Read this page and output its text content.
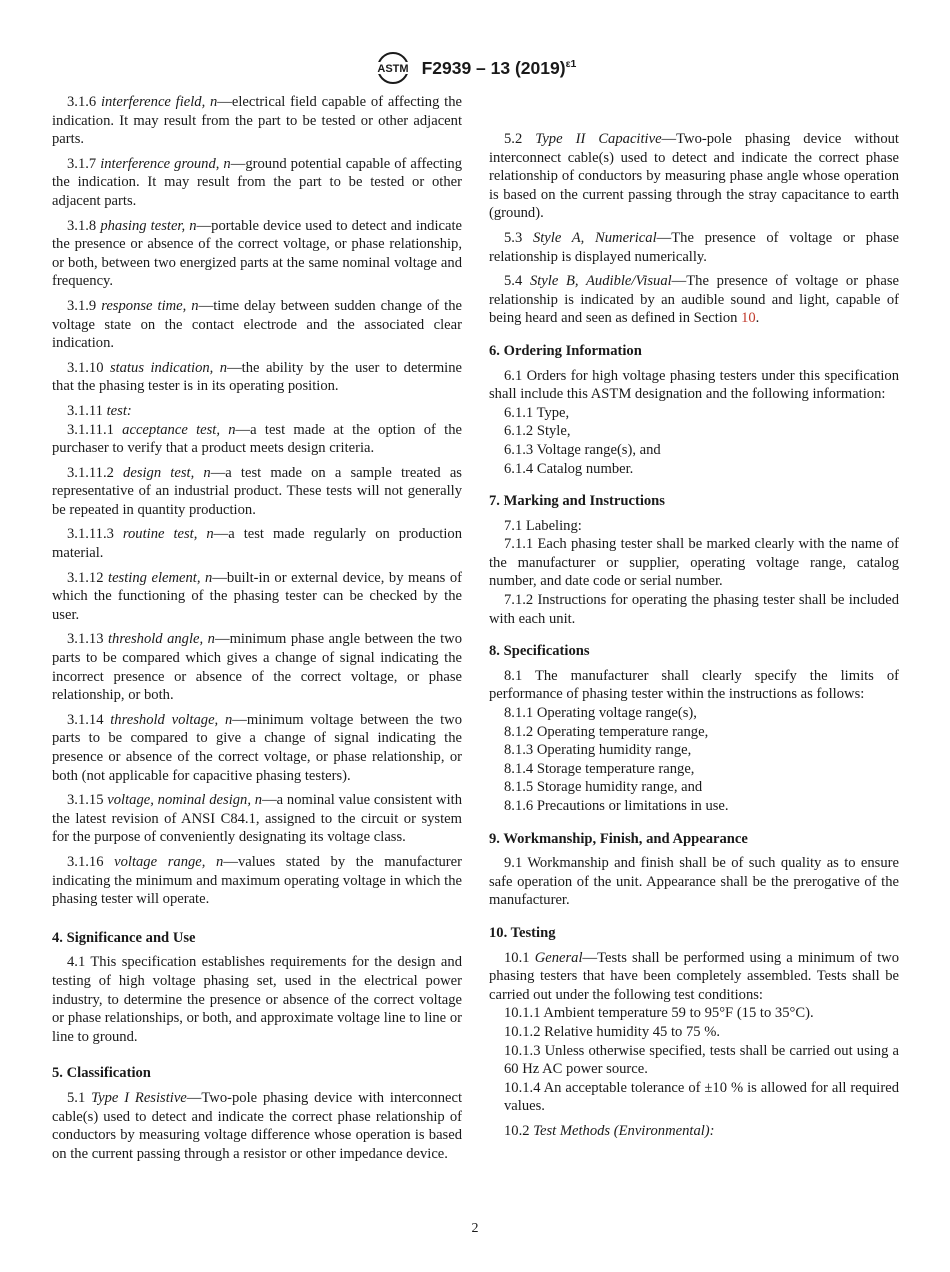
ASTM F2939 – 13 $(2019)^{\varepsilon 1}$

3.1.6 interference field, n—electrical field capable of affecting the indication. It may result from the part to be tested or other adjacent parts.

3.1.7 interference ground, n—ground potential capable of affecting the indication. It may result from the part to be tested or other adjacent parts.

3.1.8 phasing tester, n—portable device used to detect and indicate the presence or absence of the correct voltage, or phase relationship, or both, between two energized parts at the same nominal voltage and frequency.

3.1.9 response time, n—time delay between sudden change of the voltage state on the contact electrode and the associated clear indication.

3.1.10 status indication, n—the ability by the user to determine that the phasing tester is in its operating position.

3.1.11 test:

3.1.11.1 acceptance test, n—a test made at the option of the purchaser to verify that a product meets design criteria.

3.1.11.2 design test, n—a test made on a sample treated as representative of an industrial product. These tests will not generally be repeated in quantity production.

3.1.11.3 routine test, n—a test made regularly on production material.

3.1.12 testing element, n—built-in or external device, by means of which the functioning of the phasing tester can be checked by the user.

3.1.13 threshold angle, n—minimum phase angle between the two parts to be compared which gives a change of signal indicating the incorrect presence or absence of the correct voltage, or phase relationship, or both.

3.1.14 threshold voltage, n—minimum voltage between the two parts to be compared to give a change of signal indicating the presence or absence of the correct voltage, or phase relationship, or both (not applicable for capacitive phasing testers).

3.1.15 voltage, nominal design, n—a nominal value consistent with the latest revision of ANSI C84.1, assigned to the circuit or system for the purpose of conveniently designating its voltage class.

3.1.16 voltage range, n—values stated by the manufacturer indicating the minimum and maximum operating voltage in which the phasing tester will operate.

4. Significance and Use

4.1 This specification establishes requirements for the design and testing of high voltage phasing set, used in the electrical power industry, to determine the presence or absence of the correct voltage or phase relationships, or both, and approximate voltage line to line or line to ground.

5. Classification

5.1 Type I Resistive—Two-pole phasing device with interconnect cable(s) used to detect and indicate the correct phase relationship of conductors by measuring voltage difference whose operation is based on the current passing through a resistor or other impedance device.

5.2 Type II Capacitive—Two-pole phasing device without interconnect cable(s) used to detect and indicate the correct phase relationship of conductors by measuring phase angle whose operation is based on the current passing through the stray capacitance to earth (ground).

5.3 Style A, Numerical—The presence of voltage or phase relationship is displayed numerically.

5.4 Style B, Audible/Visual—The presence of voltage or phase relationship is indicated by an audible sound and light, capable of being heard and seen as defined in Section 10.

6. Ordering Information

6.1 Orders for high voltage phasing testers under this specification shall include this ASTM designation and the following information:

6.1.1 Type,

6.1.2 Style,

6.1.3 Voltage range(s), and

6.1.4 Catalog number.

7. Marking and Instructions

7.1 Labeling:

7.1.1 Each phasing tester shall be marked clearly with the name of the manufacturer or supplier, operating voltage range, catalog number, and date code or serial number.

7.1.2 Instructions for operating the phasing tester shall be included with each unit.

8. Specifications

8.1 The manufacturer shall clearly specify the limits of performance of phasing tester within the instructions as follows:

8.1.1 Operating voltage range(s),

8.1.2 Operating temperature range,

8.1.3 Operating humidity range,

8.1.4 Storage temperature range,

8.1.5 Storage humidity range, and

8.1.6 Precautions or limitations in use.

9. Workmanship, Finish, and Appearance

9.1 Workmanship and finish shall be of such quality as to ensure safe operation of the unit. Appearance shall be the prerogative of the manufacturer.

10. Testing

10.1 General—Tests shall be performed using a minimum of two phasing testers that have been completely assembled. Tests shall be carried out under the following test conditions:

10.1.1 Ambient temperature 59 to 95°F (15 to 35°C).

10.1.2 Relative humidity 45 to 75 %.

10.1.3 Unless otherwise specified, tests shall be carried out using a 60 Hz AC power source.

10.1.4 An acceptable tolerance of ±10 % is allowed for all required values.

10.2 Test Methods (Environmental):

2
